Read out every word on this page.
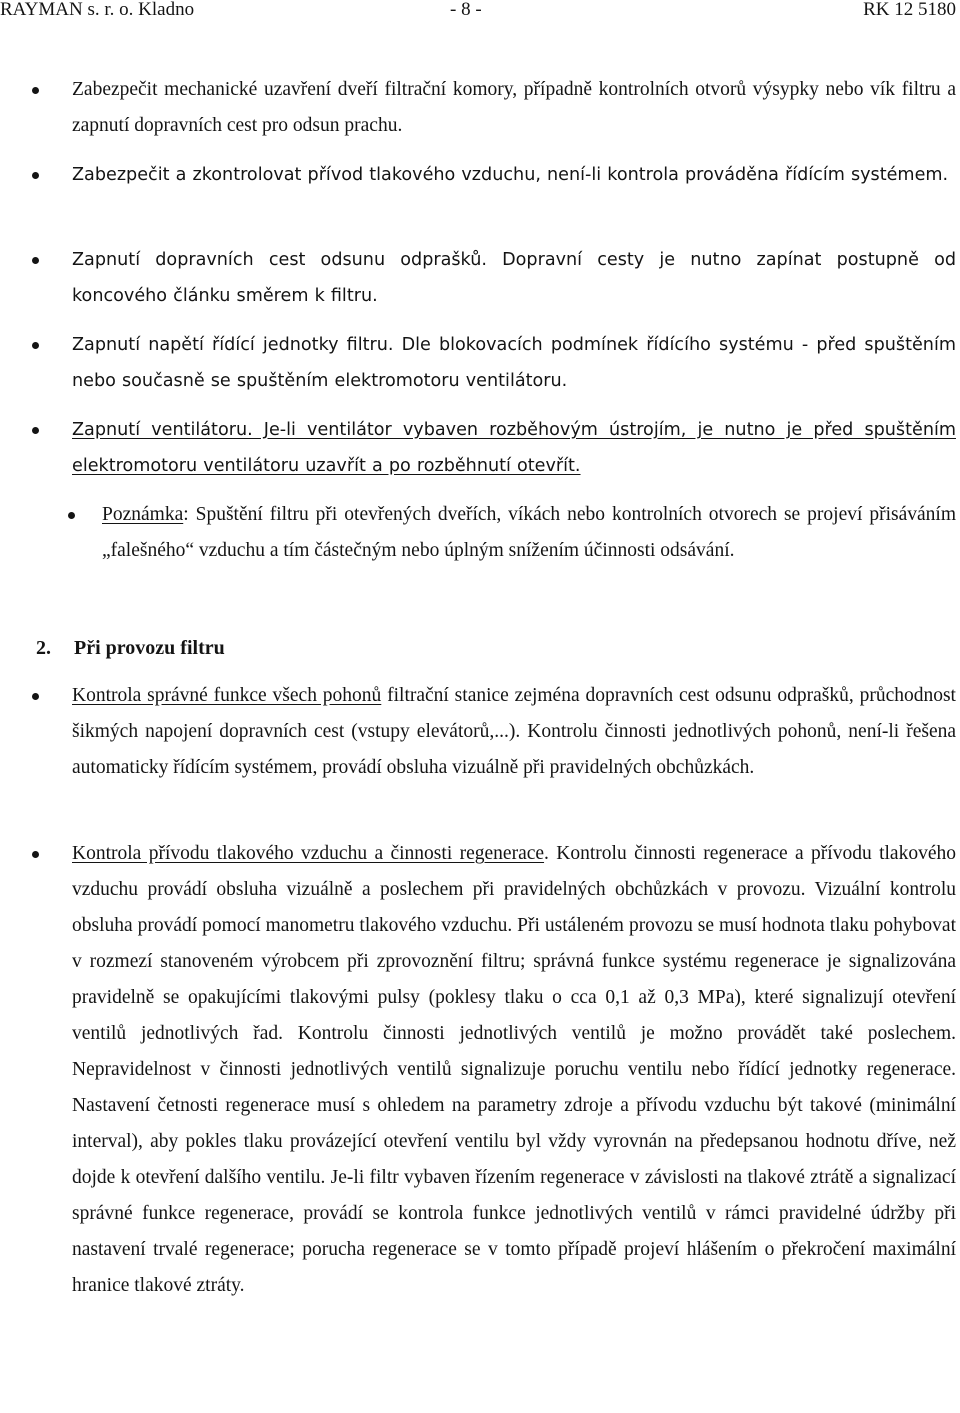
RAYMAN s. r. o. Kladno	- 8 -	RK 12 5180
Zabezpečit mechanické uzavření dveří filtrační komory, případně kontrolních otvorů výsypky nebo vík filtru a zapnutí dopravních cest pro odsun prachu.
Zabezpečit a zkontrolovat přívod tlakového vzduchu, není-li kontrola prováděna řídícím systémem.
Zapnutí dopravních cest odsunu odprašků. Dopravní cesty je nutno zapínat postupně od koncového článku směrem k filtru.
Zapnutí napětí řídící jednotky filtru. Dle blokovacích podmínek řídícího systému - před spuštěním nebo současně se spuštěním elektromotoru ventilátoru.
Zapnutí ventilátoru. Je-li ventilátor vybaven rozběhovým ústrojím, je nutno je před spuštěním elektromotoru ventilátoru uzavřít a po rozběhnutí otevřít.
Poznámka: Spuštění filtru při otevřených dveřích, víkách nebo kontrolních otvorech se projeví přisáváním „falešného“ vzduchu a tím částečným nebo úplným snížením účinnosti odsávání.
2. Při provozu filtru
Kontrola správné funkce všech pohonů filtrační stanice zejména dopravních cest odsunu odprašků, průchodnost šikmých napojení dopravních cest (vstupy elevátorů,...). Kontrolu činnosti jednotlivých pohonů, není-li řešena automaticky řídícím systémem, provádí obsluha vizuálně při pravidelných obchůzkách.
Kontrola přívodu tlakového vzduchu a činnosti regenerace. Kontrolu činnosti regenerace a přívodu tlakového vzduchu provádí obsluha vizuálně a poslechem při pravidelných obchůzkách v provozu. Vizuální kontrolu obsluha provádí pomocí manometru tlakového vzduchu. Při ustáleném provozu se musí hodnota tlaku pohybovat v rozmezí stanoveném výrobcem při zprovoznění filtru; správná funkce systému regenerace je signalizována pravidelně se opakujícími tlakovými pulsy (poklesy tlaku o cca 0,1 až 0,3 MPa), které signalizují otevření ventilů jednotlivých řad. Kontrolu činnosti jednotlivých ventilů je možno provádět také poslechem. Nepravidelnost v činnosti jednotlivých ventilů signalizuje poruchu ventilu nebo řídící jednotky regenerace. Nastavení četnosti regenerace musí s ohledem na parametry zdroje a přívodu vzduchu být takové (minimální interval), aby pokles tlaku provázející otevření ventilu byl vždy vyrovnán na předepsanou hodnotu dříve, než dojde k otevření dalšího ventilu. Je-li filtr vybaven řízením regenerace v závislosti na tlakové ztrátě a signalizací správné funkce regenerace, provádí se kontrola funkce jednotlivých ventilů v rámci pravidelné údržby při nastavení trvalé regenerace; porucha regenerace se v tomto případě projeví hlášením o překročení maximální hranice tlakové ztráty.
